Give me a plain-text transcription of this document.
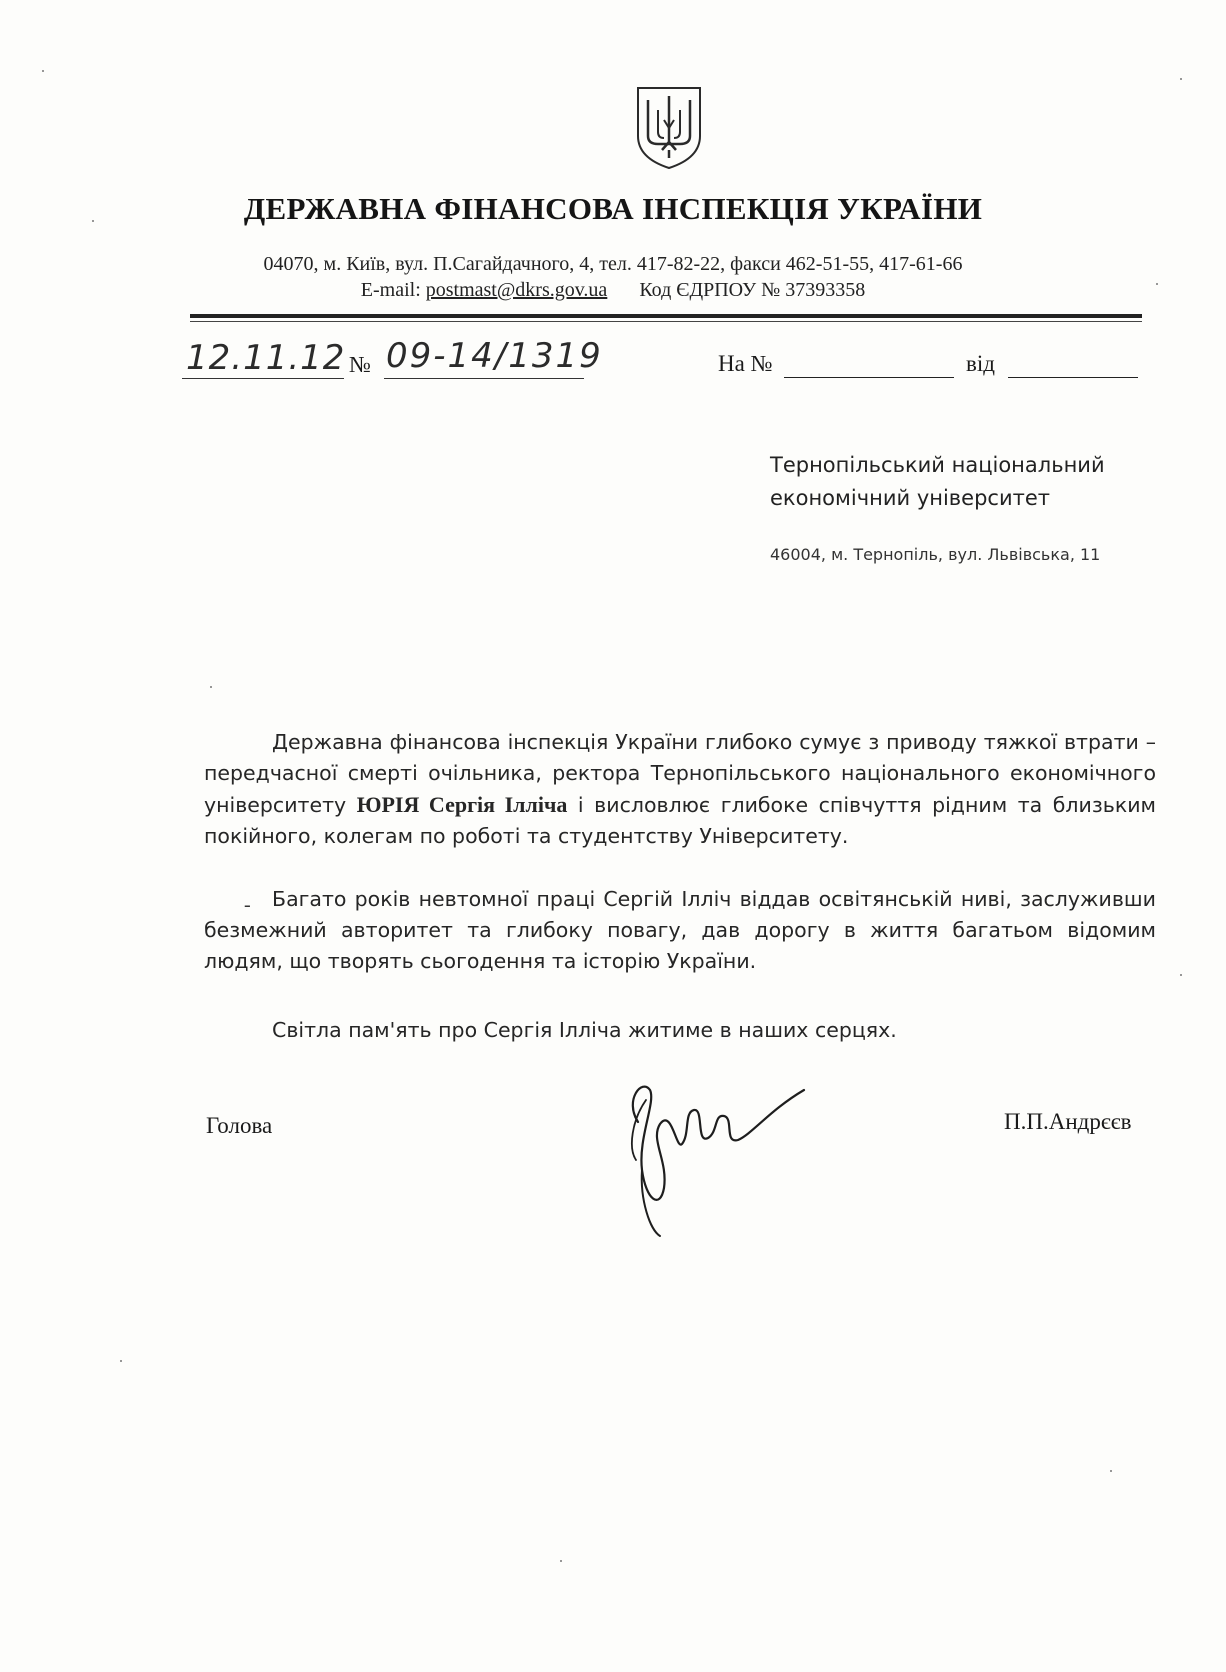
ДЕРЖАВНА ФІНАНСОВА ІНСПЕКЦІЯ УКРАЇНИ
04070, м. Київ, вул. П.Сагайдачного, 4, тел. 417-82-22, факси 462-51-55, 417-61-66
E-mail: postmast@dkrs.gov.ua Код ЄДРПОУ № 37393358
12.11.12 № 09-14/1319	На №	від
Тернопільський національний
економічний університет
46004, м. Тернопіль, вул. Львівська, 11
Державна фінансова інспекція України глибоко сумує з приводу тяжкої втрати – передчасної смерті очільника, ректора Тернопільського національного економічного університету ЮРІЯ Сергія Ілліча і висловлює глибоке співчуття рідним та близьким покійного, колегам по роботі та студентству Університету.
-	Багато років невтомної праці Сергій Ілліч віддав освітянській ниві, заслуживши безмежний авторитет та глибоку повагу, дав дорогу в життя багатьом відомим людям, що творять сьогодення та історію України.
Світла пам'ять про Сергія Ілліча житиме в наших серцях.
Голова	П.П.Андрєєв
